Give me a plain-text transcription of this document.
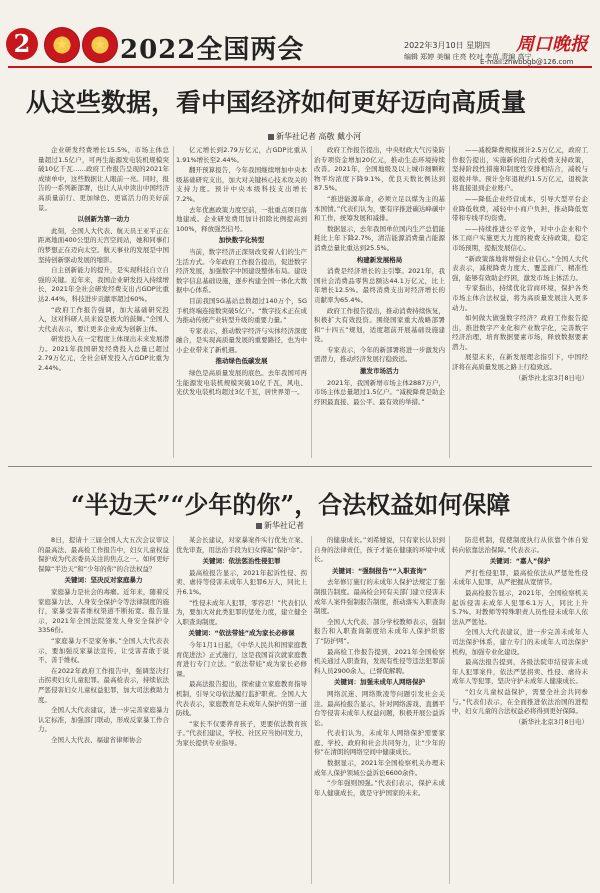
2	★	★ 2022全国两会	2022年3月10日 星期四 周口晚报
编辑 郑婷 美编 庄亮 校对 李苗 责编 高宁
E-mail:zhwbbgb@126.com
从这些数据，看中国经济如何更好迈向高质量
新华社记者 高敬 戴小河

企业研发经费增长15.5%，市场主体总量超过1.5亿户，可再生能源发电装机规模突破10亿千瓦……政府工作报告呈现的2021年成绩单中，这些数据让人眼前一亮。同时，报告的一系列新部署，也让人从中读出中国经济高质量前行、更加绿色、更富活力的美好前景。

以创新为第一动力

此刻，全国人大代表、航天员王亚平正在距离地面400公里的天宫空间站，她和同事们的梦想正在迈向太空。航天事业的发展是中国坚持创新驱动发展的缩影。

自主创新能力的提升，是实现科技自立自强的关键。近年来，我国企业研发投入持续增长，2021年全社会研发经费支出占GDP比重达2.44%，科技进步贡献率超过60%。

“政府工作报告强调，加大基础研究投入，这对科研人员来说是极大的鼓舞。”全国人大代表表示，要让更多企业成为创新主体。

研发投入在一定程度上体现出未来发展潜力。2021年我国研发经费投入总量已超过2.79万亿元，全社会研发投入占GDP比重为2.44%。

亿元增长到2.79万亿元，占GDP比重从1.91%增长至2.44%。

翻开预算报告，今年我国继续增加中央本级基础研究支出，加大对关键核心技术攻关的支持力度。预计中央本级科技支出增长7.2%。

去年优惠政策力度空前，一批重点项目落地建成。企业研发费用加计扣除比例提高到100%，释放强烈信号。

加快数字化转型

当前，数字经济正深刻改变着人们的生产生活方式。今年政府工作报告提出，促进数字经济发展，加强数字中国建设整体布局。建设数字信息基础设施，逐步构建全国一体化大数据中心体系。

目前我国5G基站总数超过140万个，5G手机终端连接数突破5亿户。“数字技术正在成为推动传统产业转型升级的重要力量。”

专家表示，推动数字经济与实体经济深度融合，是实现高质量发展的重要路径，也为中小企业带来了新机遇。

推动绿色低碳发展

绿色是高质量发展的底色。去年我国可再生能源发电装机规模突破10亿千瓦，风电、光伏发电装机均超过3亿千瓦，居世界第一。

政府工作报告提出，中央财政大气污染防治专项资金增加20亿元，推动生态环境持续改善。2021年，全国地级及以上城市细颗粒物平均浓度下降9.1%，优良天数比例达到87.5%。

“推进能源革命，必须立足以煤为主的基本国情。”代表们认为，要有序推进碳达峰碳中和工作，统筹发展和减排。

数据显示，去年我国单位国内生产总值能耗比上年下降2.7%，清洁能源消费量占能源消费总量比重达到25.5%。

构建新发展格局

消费是经济增长的主引擎。2021年，我国社会消费品零售总额达44.1万亿元，比上年增长12.5%。最终消费支出对经济增长的贡献率为65.4%。

政府工作报告提出，推动消费持续恢复，积极扩大有效投资。围绕国家重大战略部署和“十四五”规划，适度超前开展基础设施建设。

专家表示，今年的新部署将进一步激发内需潜力，推动经济发展行稳致远。

激发市场活力

2021年，我国新增市场主体2887万户，市场主体总量超过1.5亿户。“减税降费是助企纾困最直接、最公平、最有效的举措。”

——减税降费规模预计2.5万亿元，政府工作报告提出，实施新的组合式税费支持政策，坚持阶段性措施和制度性安排相结合，减税与退税并举。预计全年退税约1.5万亿元，退税款将直接退到企业账户。

——降低企业经营成本，引导大型平台企业降低收费，减轻中小商户负担，推动降低宽带和专线平均资费。

——持续推进公平竞争，对中小企业和个体工商户实施更大力度的税费支持政策，稳定市场预期，提振发展信心。

“新政策落地将增强企业信心。”全国人大代表表示，减税降费力度大、覆盖面广、精准性强，能够有效助企纾困，激发市场主体活力。

专家指出，持续优化营商环境，保护各类市场主体合法权益，将为高质量发展注入更多动力。

如何做大做强数字经济？政府工作报告提出，推进数字产业化和产业数字化，完善数字经济治理，培育数据要素市场，释放数据要素潜力。

展望未来，在新发展理念指引下，中国经济将在高质量发展之路上行稳致远。

（新华社北京3月8日电）

“半边天”“少年的你”，合法权益如何保障
新华社记者

8日，提请十三届全国人大五次会议审议的最高法、最高检工作报告中，妇女儿童权益保护成为代表委员关注的焦点之一。如何更好保障“半边天”和“少年的你”的合法权益？

关键词：坚决反对家庭暴力

家庭暴力是社会的毒瘤。近年来，随着反家庭暴力法、人身安全保护令等法律制度的施行，家暴受害者维权渠道不断拓宽。报告显示，2021年全国法院签发人身安全保护令3356份。

“家庭暴力不是家务事。”全国人大代表表示，要加强反家暴法宣传，让受害者敢于说不、善于维权。

在2022年政府工作报告中，强调坚决打击拐卖妇女儿童犯罪。最高检表示，持续依法严惩侵害妇女儿童权益犯罪，加大司法救助力度。

全国人大代表建议，进一步完善家庭暴力认定标准，加强部门联动，形成反家暴工作合力。

全国人大代表、福建省律师协会

某会长建议，对家暴案件实行优先立案、优先审查，用法治手段为妇女撑起“保护伞”。

关键词：依法惩治性侵犯罪

最高检报告显示，2021年起诉性侵、拐卖、虐待等侵害未成年人犯罪6万人，同比上升6.1%。

“性侵未成年人犯罪，零容忍！”代表们认为，要加大对此类犯罪的惩处力度，建立健全入职查询制度。

关键词：“依法带娃”成为家长必修课

今年1月1日起，《中华人民共和国家庭教育促进法》正式施行，这是我国首次就家庭教育进行专门立法。“依法带娃”成为家长必修课。

最高法报告提出，探索建立家庭教育指导机制，引导父母依法履行监护职责。全国人大代表表示，家庭教育是未成年人保护的第一道防线。

“家长不仅要养育孩子，更要依法教育孩子。”代表们建议，学校、社区应当协同发力，为家长提供专业指导。

的健康成长。”刘希娅说，只有家长认识到自身的法律责任，孩子才能在健康的环境中成长。

关键词：“强制报告”“入职查询”

去年修订施行的未成年人保护法规定了强制报告制度。最高检会同有关部门建立侵害未成年人案件强制报告制度，推动落实入职查询制度。

全国人大代表、部分学校教师表示，强制报告和入职查询制度给未成年人保护织密了“防护网”。

最高检工作报告提到，2021年全国检察机关通过入职查询，发现有性侵等违法犯罪前科人员2900余人，已督促解聘。

关键词：加强未成年人网络保护

网络沉迷、网络欺凌等问题引发社会关注。最高检报告显示，针对网络游戏、直播平台等侵害未成年人权益问题，积极开展公益诉讼。

代表们认为，未成年人网络保护需要家庭、学校、政府和社会共同努力，让“少年的你”在清朗的网络空间中健康成长。

数据显示，2021年全国检察机关办理未成年人保护领域公益诉讼6600余件。

“少年强则国强。”代表们表示，保护未成年人健康成长，就是守护国家的未来。

防范机制，促使制度执行从依靠个体自觉转向依靠法治保障。”代表表示。

关键词：“嘉人”保护

严打性侵犯罪，最高检依法从严惩处性侵未成年人犯罪，从严把握从宽情节。

最高检报告显示，2021年，全国检察机关起诉侵害未成年人犯罪6.1万人，同比上升5.7%。对教师等特殊职责人员性侵未成年人依法从严惩处。

全国人大代表建议，进一步完善未成年人司法保护体系，建立专门的未成年人司法保护机构，加强专业化建设。

最高法报告提到，各级法院审结侵害未成年人犯罪案件，依法严惩拐卖、性侵、虐待未成年人等犯罪，坚决守护未成年人健康成长。

“妇女儿童权益保护，需要全社会共同参与。”代表们表示，在全面推进依法治国的进程中，妇女儿童的合法权益必将得到更好保障。

（新华社北京3月8日电）
